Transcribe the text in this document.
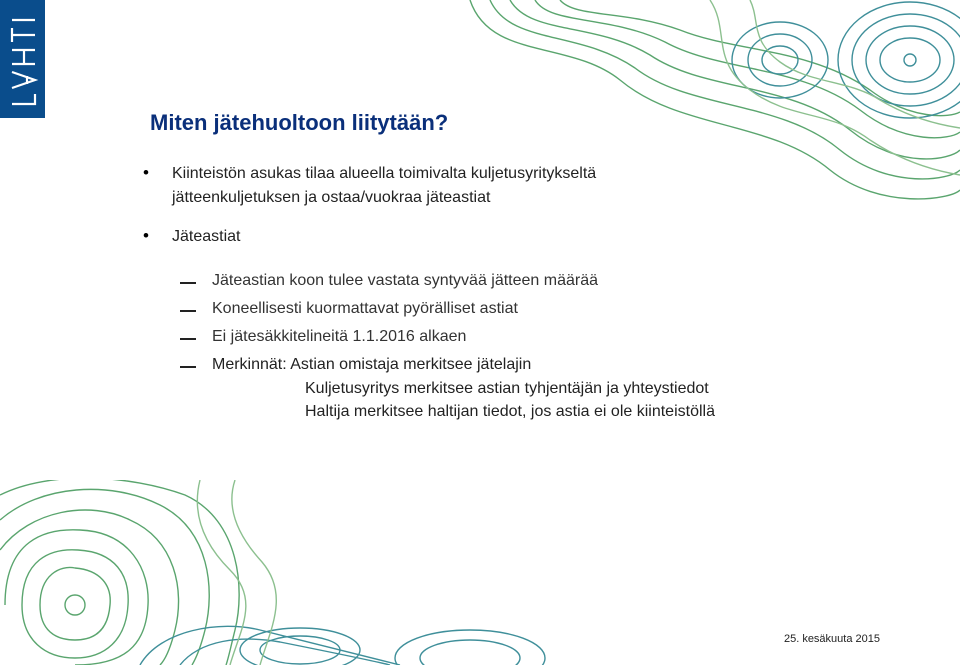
Miten jätehuoltoon liitytään?
• Kiinteistön asukas tilaa alueella toimivalta kuljetusyritykseltä
jätteenkuljetuksen ja ostaa/vuokraa jäteastiat
• Jäteastiat
Jäteastian koon tulee vastata syntyvää jätteen määrää
Koneellisesti kuormattavat pyörälliset astiat
Ei jätesäkkitelineitä 1.1.2016 alkaen
Merkinnät: Astian omistaja merkitsee jätelajin
Kuljetusyritys merkitsee astian tyhjentäjän ja yhteystiedot
Haltija merkitsee haltijan tiedot, jos astia ei ole kiinteistöllä
25. kesäkuuta 2015
